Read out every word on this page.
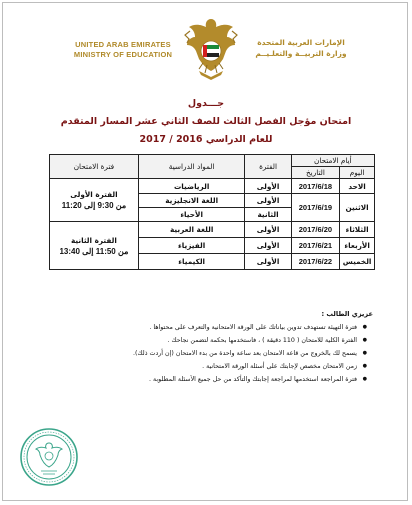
UNITED ARAB EMIRATES
MINISTRY OF EDUCATION
الإمارات العربية المتحدة
وزارة التربيــة والتعلـيــم
جـــدول
امتحان مؤجل الفصل الثالث للصف الثاني عشر المسار المتقدم
للعام الدراسي 2016 / 2017
أيام الامتحان		الفترة	المواد الدراسية	فترة الامتحان
اليوم	التاريخ			
الاحد	2017/6/18	الأولى	الرياضيات	الفترة الأولى
من 9:30 إلى 11:20

الاثنين	2017/6/19	الأولى	اللغة الانجليزية	
		الثانية	الأحياء	
الثلاثاء	2017/6/20	الأولى	اللغة العربية	الفترة الثانية
من 11:50 إلى 13:40

الأربعاء	2017/6/21	الأولى	الفيزياء	
الخميس	2017/6/22	الأولى	الكيمياء	
عزيزي الطالب :
● فترة التهيئة تستهدف تدوين بياناتك على الورقة الامتحانية والتعرف على محتواها .
● الفترة الكلية للامتحان ( 110 دقيقة ) ، فاستخدمها بحكمة لتضمن نجاحك .
● يسمح لك بالخروج من قاعة الامتحان بعد ساعة واحدة من بدء الامتحان (إن أردت ذلك).
● زمن الامتحان مخصص لإجابتك على أسئلة الورقة الامتحانية .
● فترة المراجعة استخدمها لمراجعة إجابتك والتأكد من حل جميع الأسئلة المطلوبة .
